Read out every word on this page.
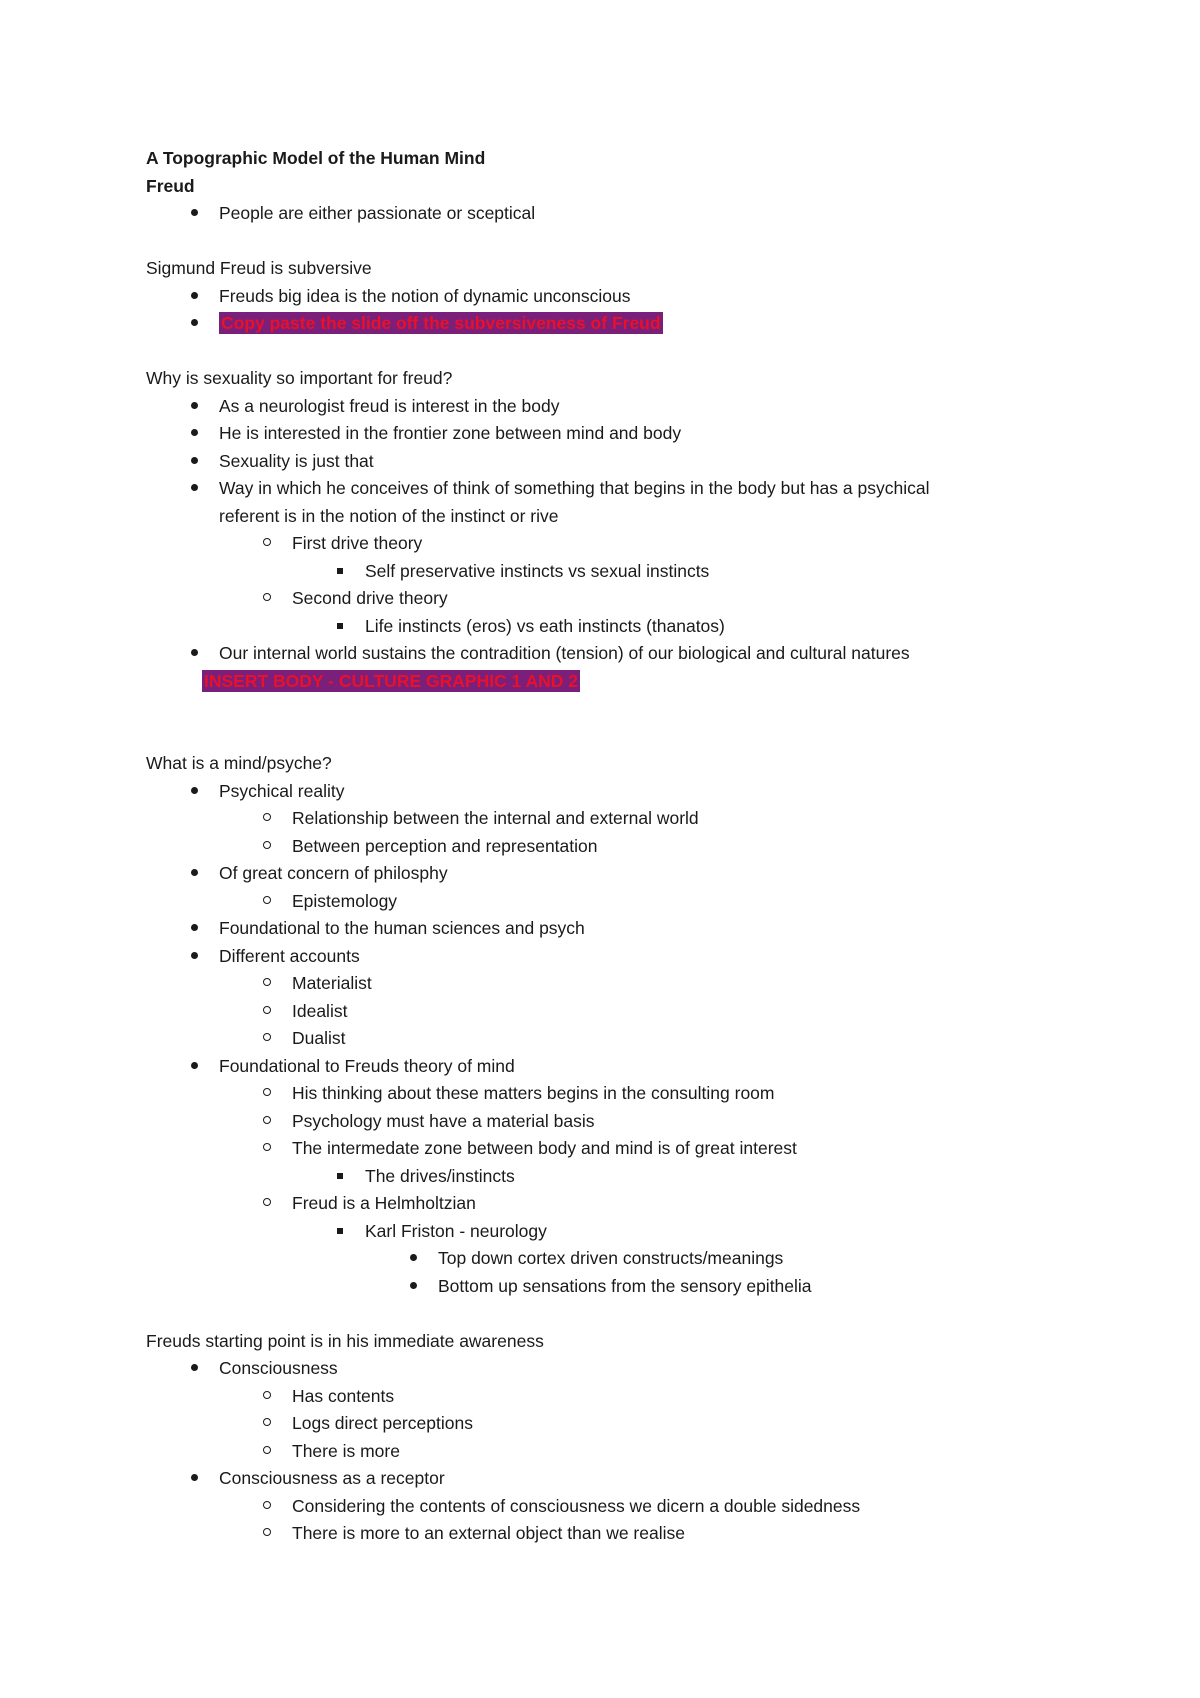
A Topographic Model of the Human Mind
Freud
People are either passionate or sceptical
Sigmund Freud is subversive
Freuds big idea is the notion of dynamic unconscious
Copy paste the slide off the subversiveness of Freud
Why is sexuality so important for freud?
As a neurologist freud is interest in the body
He is interested in the frontier zone between mind and body
Sexuality is just that
Way in which he conceives of think of something that begins in the body but has a psychical
referent is in the notion of the instinct or rive
First drive theory
Self preservative instincts vs sexual instincts
Second drive theory
Life instincts (eros) vs eath instincts (thanatos)
Our internal world sustains the contradition (tension) of our biological and cultural natures
INSERT BODY - CULTURE GRAPHIC 1 AND 2
What is a mind/psyche?
Psychical reality
Relationship between the internal and external world
Between perception and representation
Of great concern of philosphy
Epistemology
Foundational to the human sciences and psych
Different accounts
Materialist
Idealist
Dualist
Foundational to Freuds theory of mind
His thinking about these matters begins in the consulting room
Psychology must have a material basis
The intermedate zone between body and mind is of great interest
The drives/instincts
Freud is a Helmholtzian
Karl Friston - neurology
Top down cortex driven constructs/meanings
Bottom up sensations from the sensory epithelia
Freuds starting point is in his immediate awareness
Consciousness
Has contents
Logs direct perceptions
There is more
Consciousness as a receptor
Considering the contents of consciousness we dicern a double sidedness
There is more to an external object than we realise
